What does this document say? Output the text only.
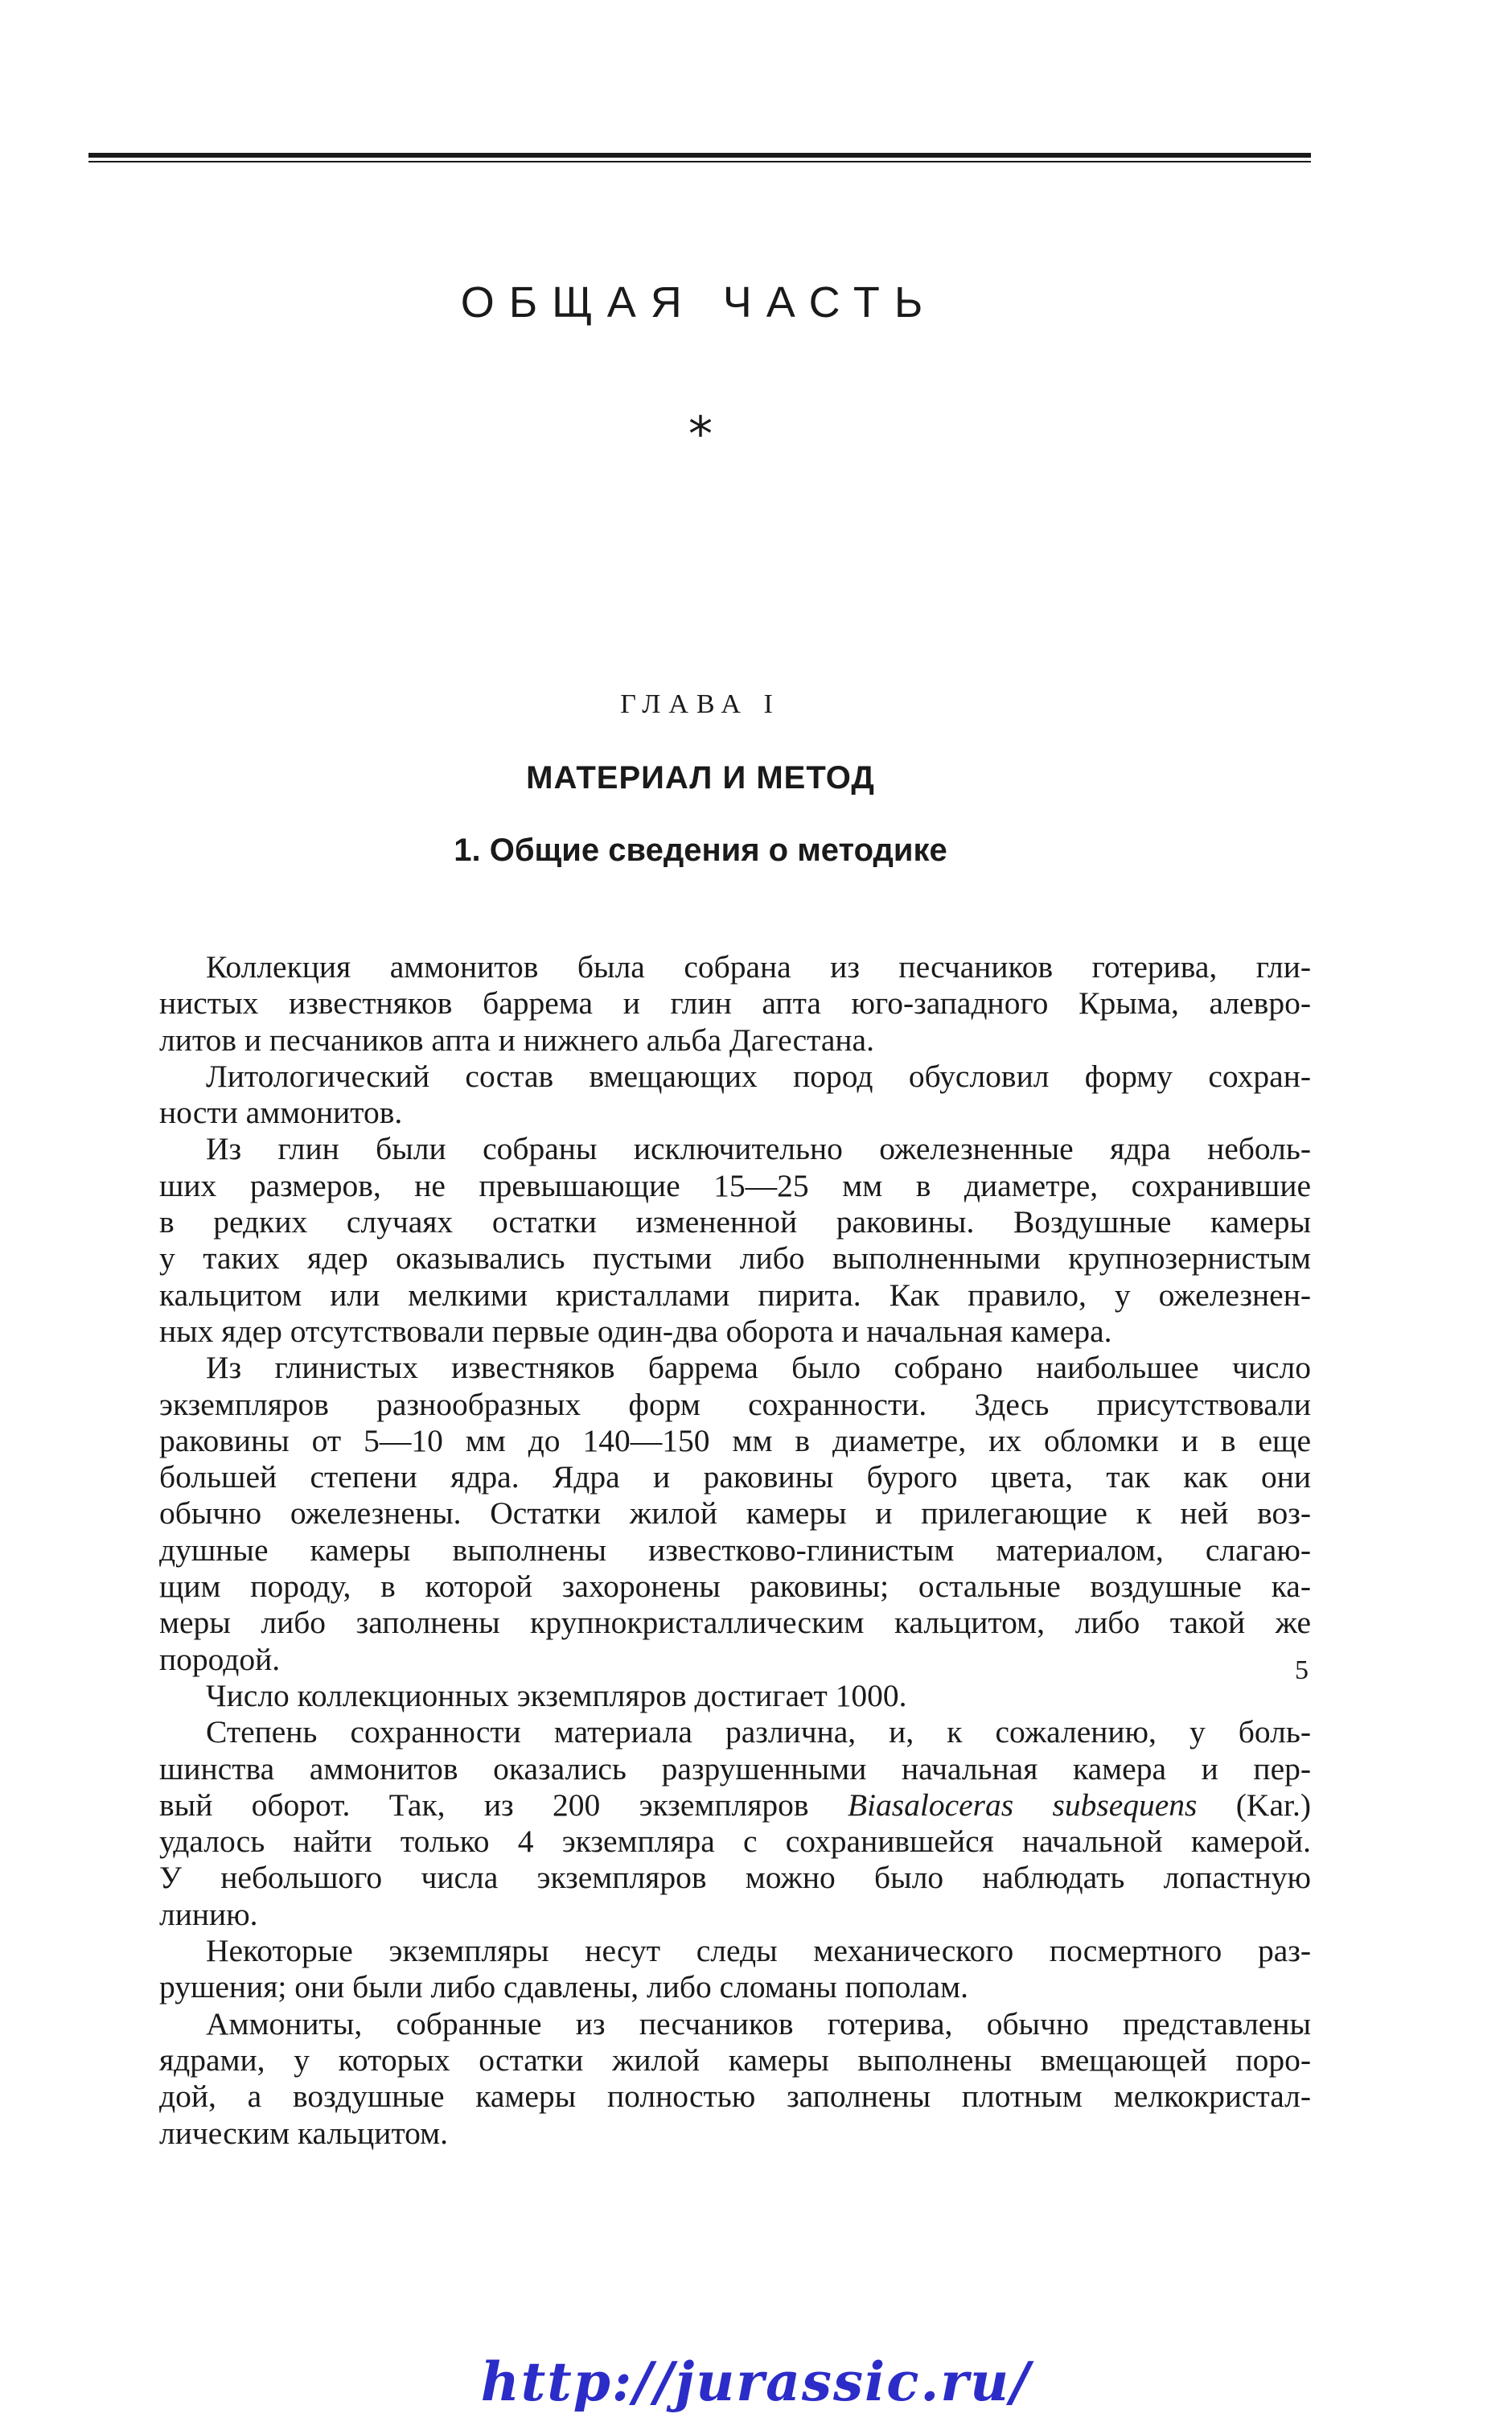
ОБЩАЯ ЧАСТЬ
*
ГЛАВА I
МАТЕРИАЛ И МЕТОД
1. Общие сведения о методике
Коллекция аммонитов была собрана из песчаников готерива, гли-
нистых известняков баррема и глин апта юго-западного Крыма, алевро-
литов и песчаников апта и нижнего альба Дагестана.
Литологический состав вмещающих пород обусловил форму сохран-
ности аммонитов.
Из глин были собраны исключительно ожелезненные ядра неболь-
ших размеров, не превышающие 15—25 мм в диаметре, сохранившие
в редких случаях остатки измененной раковины. Воздушные камеры
у таких ядер оказывались пустыми либо выполненными крупнозернистым
кальцитом или мелкими кристаллами пирита. Как правило, у ожелезнен-
ных ядер отсутствовали первые один-два оборота и начальная камера.
Из глинистых известняков баррема было собрано наибольшее число
экземпляров разнообразных форм сохранности. Здесь присутствовали
раковины от 5—10 мм до 140—150 мм в диаметре, их обломки и в еще
большей степени ядра. Ядра и раковины бурого цвета, так как они
обычно ожелезнены. Остатки жилой камеры и прилегающие к ней воз-
душные камеры выполнены известково-глинистым материалом, слагаю-
щим породу, в которой захоронены раковины; остальные воздушные ка-
меры либо заполнены крупнокристаллическим кальцитом, либо такой же
породой.
Число коллекционных экземпляров достигает 1000.
Степень сохранности материала различна, и, к сожалению, у боль-
шинства аммонитов оказались разрушенными начальная камера и пер-
вый оборот. Так, из 200 экземпляров Biasaloceras subsequens (Kar.)
удалось найти только 4 экземпляра с сохранившейся начальной камерой.
У небольшого числа экземпляров можно было наблюдать лопастную
линию.
Некоторые экземпляры несут следы механического посмертного раз-
рушения; они были либо сдавлены, либо сломаны пополам.
Аммониты, собранные из песчаников готерива, обычно представлены
ядрами, у которых остатки жилой камеры выполнены вмещающей поро-
дой, а воздушные камеры полностью заполнены плотным мелкокристал-
лическим кальцитом.
5
http://jurassic.ru/
